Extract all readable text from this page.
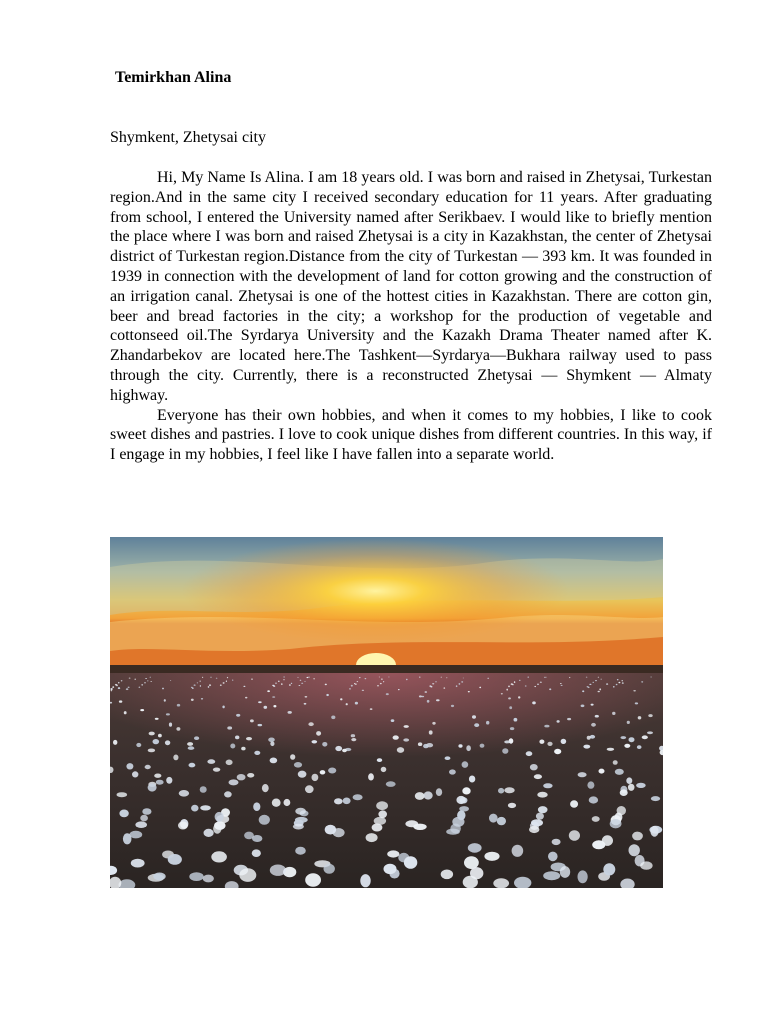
Temirkhan Alina
Shymkent, Zhetysai city

Hi, My Name Is Alina. I am 18 years old. I was born and raised in Zhetysai, Turkestan region.And in the same city I received secondary education for 11 years. After graduating from school, I entered the University named after Serikbaev. I would like to briefly mention the place where I was born and raised Zhetysai is a city in Kazakhstan, the center of Zhetysai district of Turkestan region.Distance from the city of Turkestan — 393 km. It was founded in 1939 in connection with the development of land for cotton growing and the construction of an irrigation canal. Zhetysai is one of the hottest cities in Kazakhstan. There are cotton gin, beer and bread factories in the city; a workshop for the production of vegetable and cottonseed oil.The Syrdarya University and the Kazakh Drama Theater named after K. Zhandarbekov are located here.The Tashkent—Syrdarya—Bukhara railway used to pass through the city. Currently, there is a reconstructed Zhetysai — Shymkent — Almaty highway.

Everyone has their own hobbies, and when it comes to my hobbies, I like to cook sweet dishes and pastries. I love to cook unique dishes from different countries. In this way, if I engage in my hobbies, I feel like I have fallen into a separate world.
